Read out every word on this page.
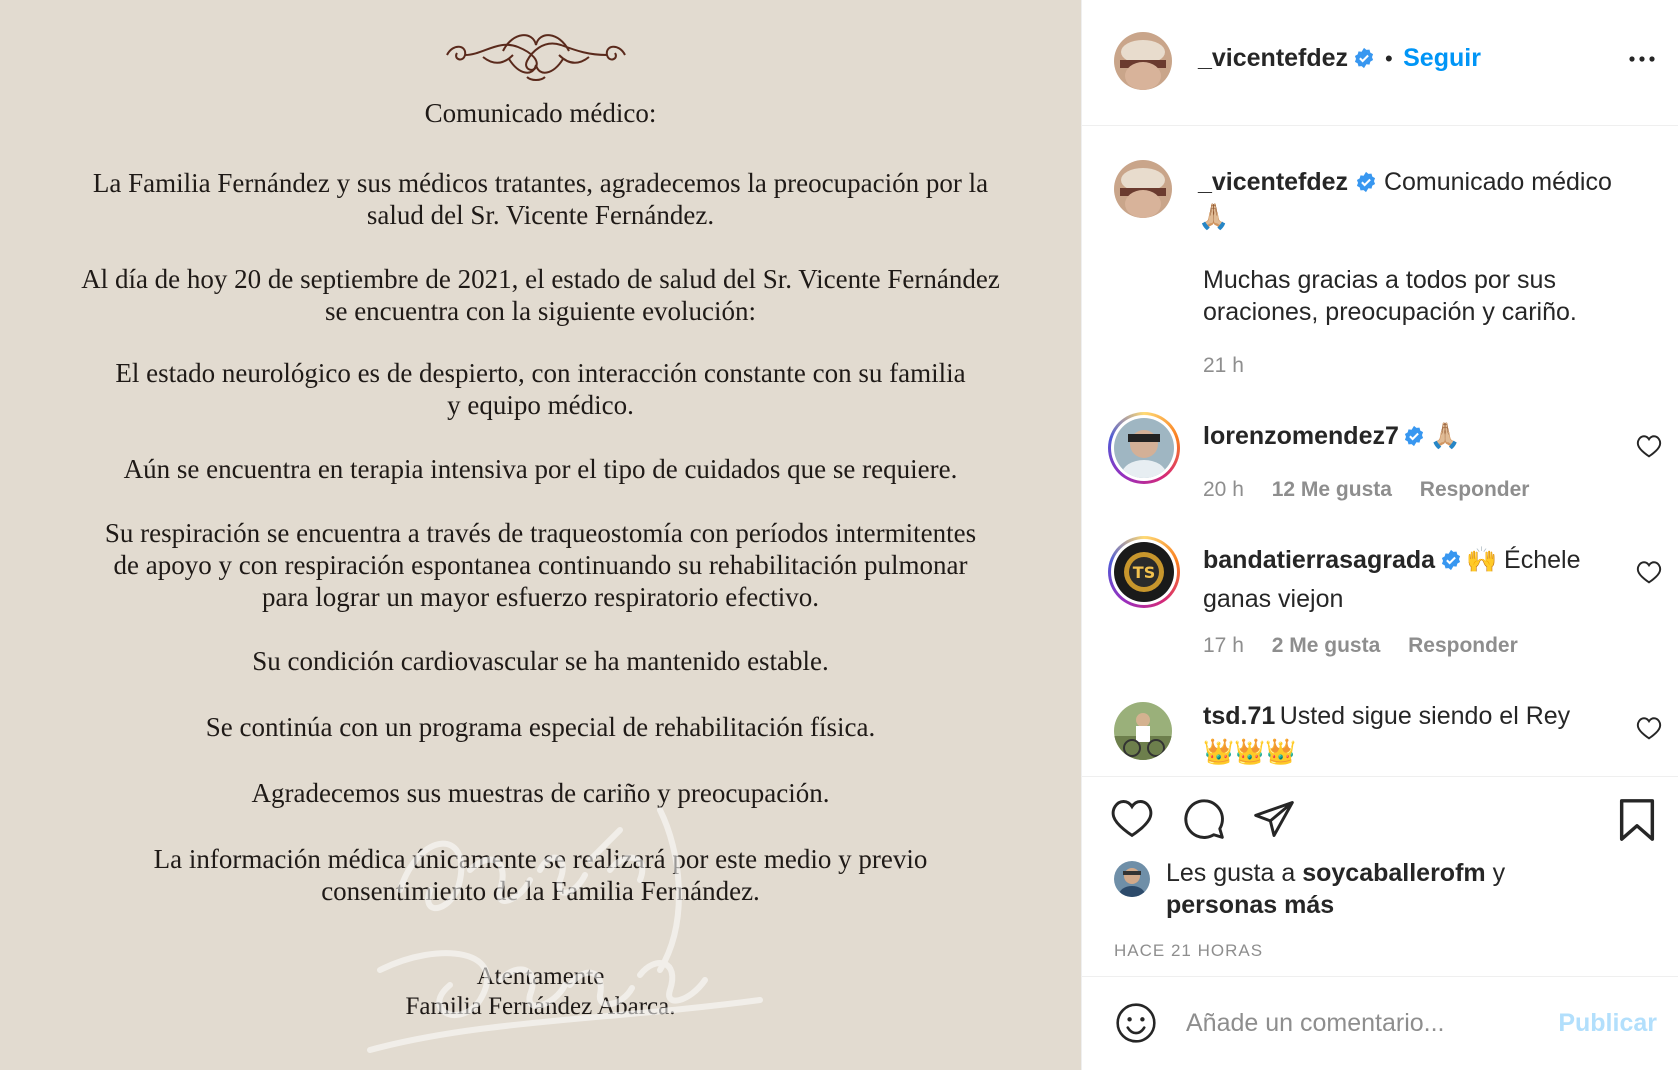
Comunicado médico:
La Familia Fernández y sus médicos tratantes, agradecemos la preocupación por la
salud del Sr. Vicente Fernández.
Al día de hoy 20 de septiembre de 2021, el estado de salud del Sr. Vicente Fernández
se encuentra con la siguiente evolución:
El estado neurológico es de despierto, con interacción constante con su familia
y equipo médico.
Aún se encuentra en terapia intensiva por el tipo de cuidados que se requiere.
Su respiración se encuentra a través de traqueostomía con períodos intermitentes
de apoyo y con respiración espontanea continuando su rehabilitación pulmonar
para lograr un mayor esfuerzo respiratorio efectivo.
Su condición cardiovascular se ha mantenido estable.
Se continúa con un programa especial de rehabilitación física.
Agradecemos sus muestras de cariño y preocupación.
La información médica únicamente se realizará por este medio y previo
consentimiento de la Familia Fernández.
Atentamente
Familia Fernández Abarca.
_vicentefdez • Seguir
_vicentefdez Comunicado médico
🙏🏼
Muchas gracias a todos por sus
oraciones, preocupación y cariño.
21 h
lorenzomendez7 🙏🏼
20 h 12 Me gusta Responder
TS bandatierrasagrada 🙌 Échele
ganas viejon
17 h 2 Me gusta Responder
tsd.71 Usted sigue siendo el Rey
👑👑👑
Les gusta a soycaballerofm y
personas más
HACE 21 HORAS
Añade un comentario...
Publicar
